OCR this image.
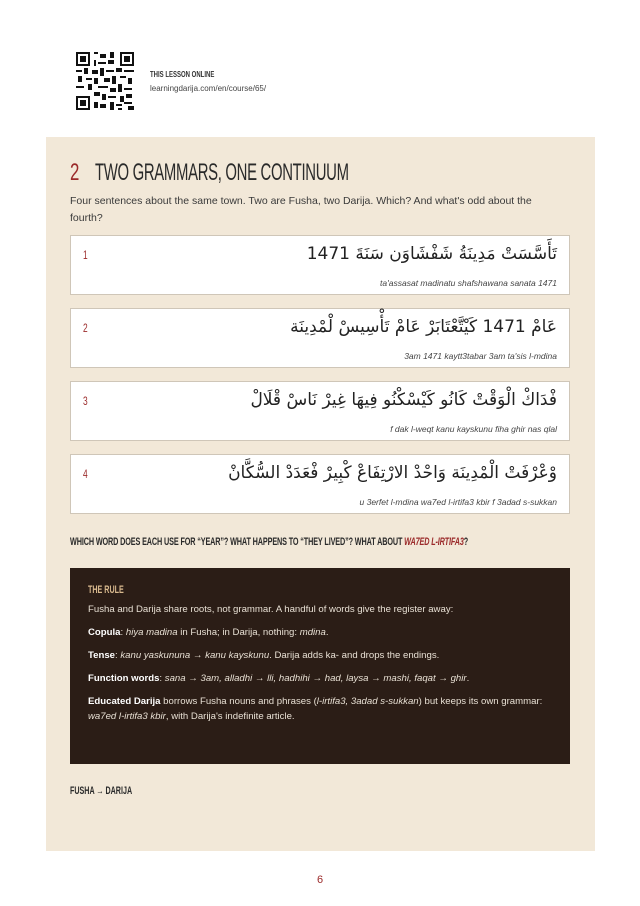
THIS LESSON ONLINE
learningdarija.com/en/course/65/
2 TWO GRAMMARS, ONE CONTINUUM
Four sentences about the same town. Two are Fusha, two Darija. Which? And what's odd about the fourth?
1	تَأَسَّسَتْ مَدِينَةُ شَفْشَاوَن سَنَةَ 1471
ta'assasat madinatu shafshawana sanata 1471
2	عَامْ 1471 كَيْتَّعْتَابَرْ عَامْ تَأْسِيسْ لْمْدِينَة
3am 1471 kaytt3tabar 3am ta'sis l-mdina
3	فْدَاكْ الْوَقْتْ كَانُو كَيْسْكْنُو فِيهَا غِيرْ نَاسْ قْلَالْ
f dak l-weqt kanu kayskunu fiha ghir nas qlal
4	وْعْرْفَتْ الْمْدِينَة وَاحْدْ الارْتِفَاعْ كْبِيرْ فْعَدَدْ السُّكَّانْ
u 3erfet l-mdina wa7ed l-irtifa3 kbir f 3adad s-sukkan
WHICH WORD DOES EACH USE FOR “YEAR”? WHAT HAPPENS TO “THEY LIVED”? WHAT ABOUT WA7ED L-IRTIFA3?
THE RULE

Fusha and Darija share roots, not grammar. A handful of words give the register away:

Copula: hiya madina in Fusha; in Darija, nothing: mdina.

Tense: kanu yaskununa → kanu kayskunu. Darija adds ka- and drops the endings.

Function words: sana → 3am, alladhi → lli, hadhihi → had, laysa → mashi, faqat → ghir.

Educated Darija borrows Fusha nouns and phrases (l-irtifa3, 3adad s-sukkan) but keeps its own grammar: wa7ed l-irtifa3 kbir, with Darija's indefinite article.

FUSHA → DARIJA
6
